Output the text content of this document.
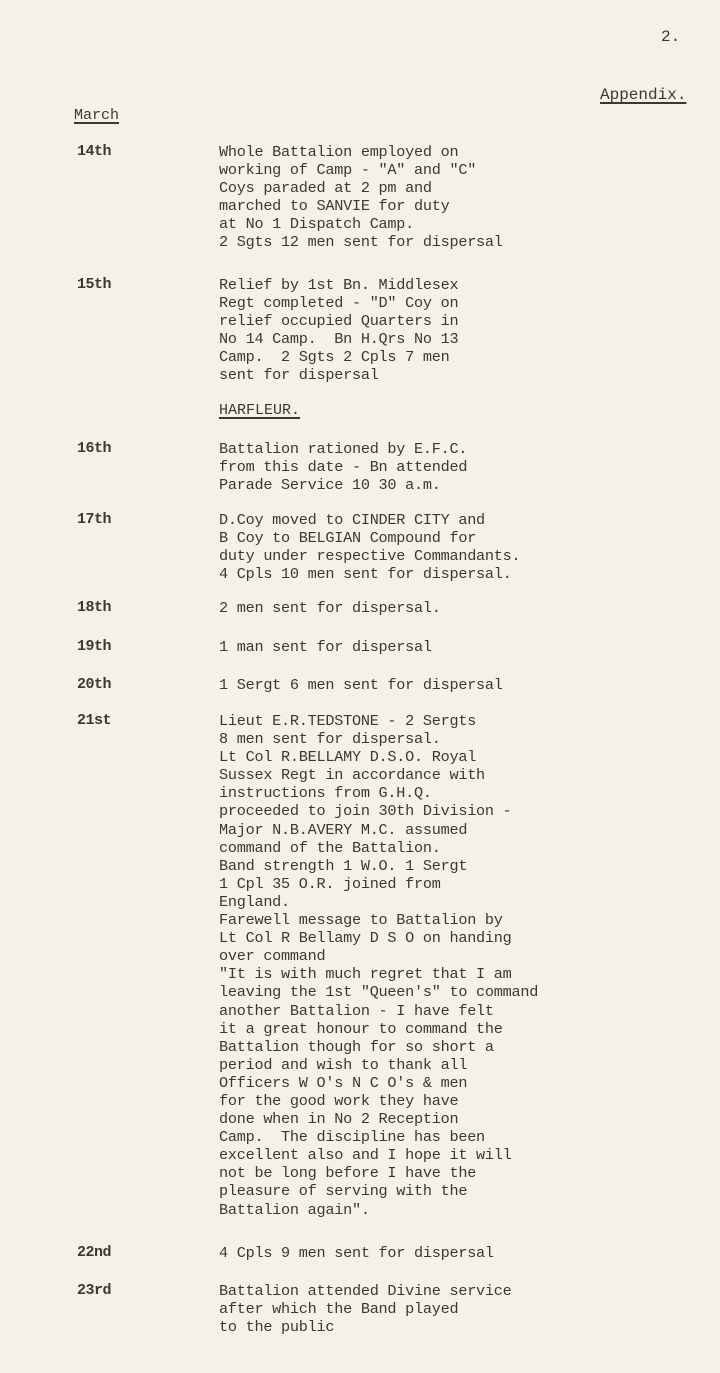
2.
Appendix.
March
14th	Whole Battalion employed on
working of Camp - "A" and "C"
Coys paraded at 2 pm and
marched to SANVIE for duty
at No 1 Dispatch Camp.
2 Sgts 12 men sent for dispersal
15th	Relief by 1st Bn. Middlesex
Regt completed - "D" Coy on
relief occupied Quarters in
No 14 Camp.  Bn H.Qrs No 13
Camp.  2 Sgts 2 Cpls 7 men
sent for dispersal
HARFLEUR.
16th	Battalion rationed by E.F.C.
from this date - Bn attended
Parade Service 10 30 a.m.
17th	D.Coy moved to CINDER CITY and
B Coy to BELGIAN Compound for
duty under respective Commandants.
4 Cpls 10 men sent for dispersal.
18th	2 men sent for dispersal.
19th	1 man sent for dispersal
20th	1 Sergt 6 men sent for dispersal
21st	Lieut E.R.TEDSTONE - 2 Sergts
8 men sent for dispersal.
Lt Col R.BELLAMY D.S.O. Royal
Sussex Regt in accordance with
instructions from G.H.Q.
proceeded to join 30th Division -
Major N.B.AVERY M.C. assumed
command of the Battalion.
Band strength 1 W.O. 1 Sergt
1 Cpl 35 O.R. joined from
England.
Farewell message to Battalion by
Lt Col R Bellamy D S O on handing
over command
"It is with much regret that I am
leaving the 1st "Queen's" to command
another Battalion - I have felt
it a great honour to command the
Battalion though for so short a
period and wish to thank all
Officers W O's N C O's & men
for the good work they have
done when in No 2 Reception
Camp.  The discipline has been
excellent also and I hope it will
not be long before I have the
pleasure of serving with the
Battalion again".
22nd	4 Cpls 9 men sent for dispersal
23rd	Battalion attended Divine service
after which the Band played
to the public
